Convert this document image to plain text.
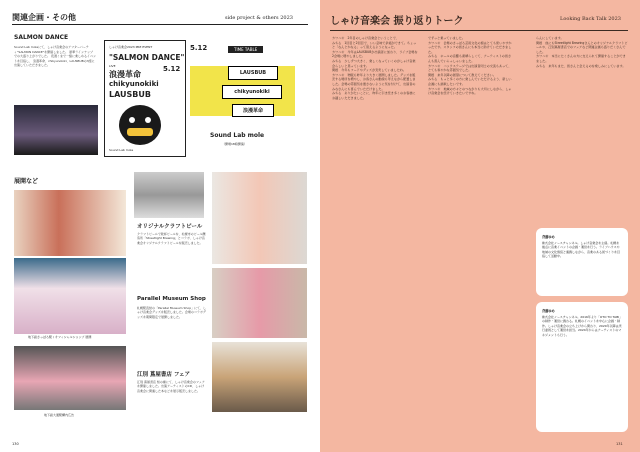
関連企画・その他	side project & others 2023
SALMON DANCE
Sound Lab moleにて、しゃけ音楽会のアフターパーティ"SALMON DANCE"を開催しました。 豪華ラインナップでの大盛り上がりでした。 夜遅くまで一緒に楽しめるイベントを目指し、 浪漫革命、chikyunokiki、LAUSBUBの3組に出演していただきました。
しゃけ音楽会2023 PRE EVENT
"SALMON DANCE"
LIVE
浪漫革命
chikyunokiki
LAUSBUB
5.12
Sound Lab mole
5.12	TIME TABLE
LAUSBUB
chikyunokiki
浪漫革命
Sound Lab mole
（開場18時開演）
展開など
地下鉄さっぽろ駅 / オフィシャルショップ 展開
地下鉄大通駅構内広告
オリジナルクラフトビール
クラフトビールで乾杯ビールを、札幌市のビール醸造所「Streetlight Brewing」とコラボ、しゃけ音楽会オリジナルクラフトビールを販売しました。
Parallel Museum Shop
札幌駅直結の「Parallel Museum Shop」にて、しゃけ音楽会グッズを販売しました。会場のコラボグッズを期間限定で展開しました。
江別 蔦屋書店 フェア
江別 蔦屋書店 知の棟にて、しゃけ音楽会のフェアを開催しました。出演アーティストのCD、しゃけ音楽会に関連した本などを展示販売しました。
130
しゃけ音楽会 振り返りトーク	Looking Back Talk 2023
カワハギ　2年目のしゃけ音楽会ということで、
みちる　1回目と2回目で、いい意味で余裕ができて。ちょっと「なんとかなる」って思えるようになった。
カワハギ　今年はLAUSBUBが出演者に加わり、ライブ会場を2会場に増やしました。
みちる　少しずつ大きく、楽しくなっていくのがしゃけ音楽会らしいと思っています。
関根　今年もフードやグッズが充実していましたね。
カワハギ　物販も昨年より大きく展開しました。グッズを販売する場所を増やし、お客さんの動線も考えながら配置しました。会場の雰囲気を壊さないように気を付けて、出演者のみなさんにも喜んでいただけました。
みちる　ありがたいことに、昨年に引き続き多くのお客様にお越しいただきました。
でずっと乗っていました。
カワハギ　会場のさっぽろ芸術文化の館はとても使いやすかったです。スタッフの皆さんにも本当に助けていただきました。
みちる　ホールの音響も素晴らしくて、アーティストの皆さんも喜んでいらっしゃいました。
カワハギ　バックステージでは出演者同士の交流もあって、とても和やかな雰囲気でした。
関根　来年以降の展望について教えてください。
みちる　もっと多くの方に楽しんでいただけるよう、新しい企画にも挑戦したいです。
カワハギ　地域の方々とのつながりも大切にしながら、しゃけ音楽会を続けていきたいですね。
らんにしています。
関根　他にもStreetlight Brewingさんとのオリジナルクラフトビールや、江別蔦屋書店でのフェアなど関連企画も盛りだくさんでした。
カワハギ　本当にたくさんの方に支えられて開催することができました。
みちる　来年もまた、皆さんと会えるのを楽しみにしています。
斉藤ゆめ
株式会社ノースチャンネル。しゃけ音楽会を主催。札幌を拠点に音楽イベントの企画・運営を行う。ライブハウスや地域の文化施設と連携しながら、音楽のある街づくりを目指して活動中。
斉藤ゆめ
株式会社ノースチャンネル。2016年より「OTO TO TABI」の制作・運営に携わる。札幌のイベントを中心に企画・制作。しゃけ音楽会の立ち上げから関わり、2020年以降は実行委員として運営を担当。2024年からはアーティストのマネジメントも行う。
131
